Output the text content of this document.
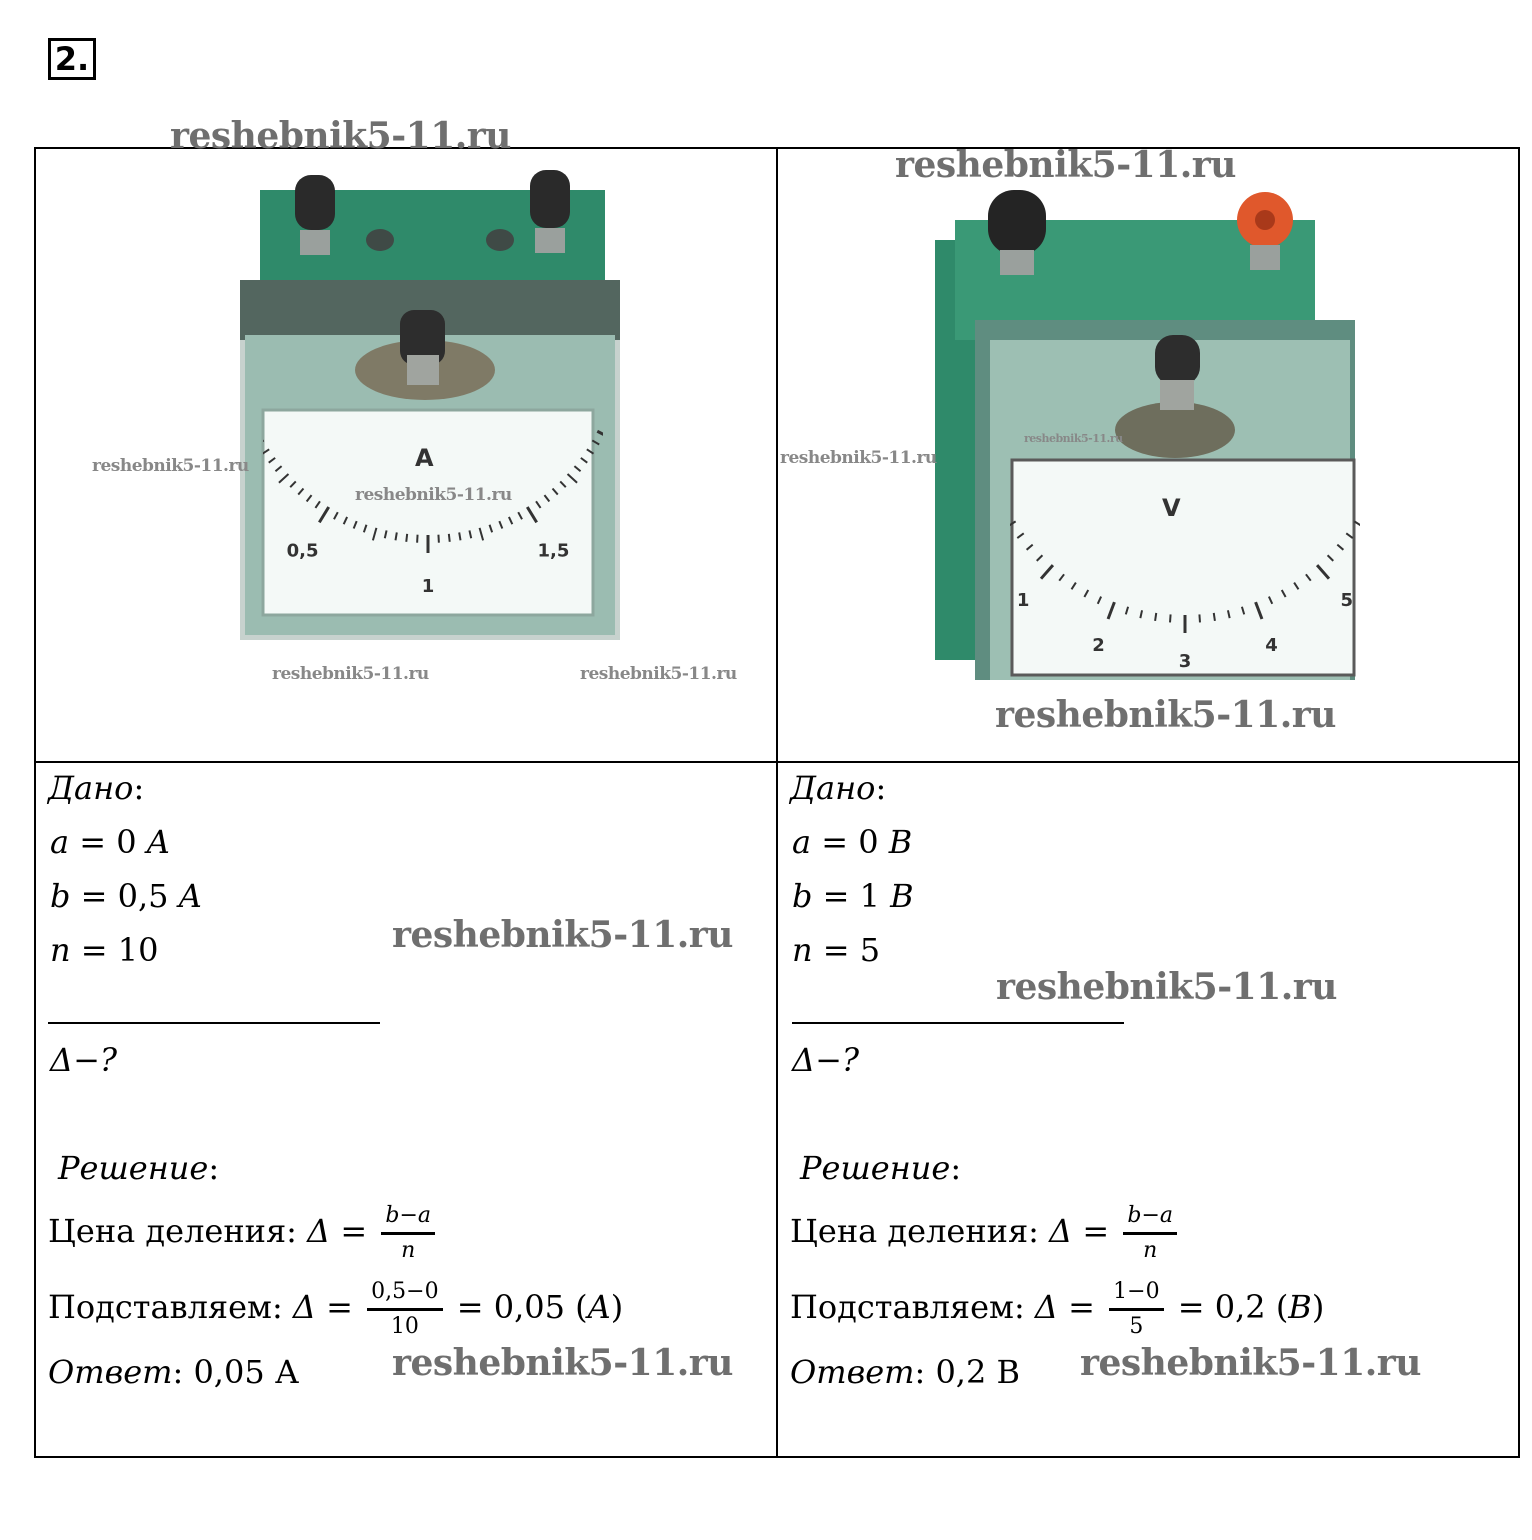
2.
0,5
1
1,5
1
2
3
4
5
A
V
reshebnik5-11.ru
reshebnik5-11.ru
reshebnik5-11.ru
reshebnik5-11.ru
reshebnik5-11.ru
reshebnik5-11.ru
reshebnik5-11.ru	reshebnik5-11.ru
reshebnik5-11.ru
reshebnik5-11.ru
reshebnik5-11.ru
reshebnik5-11.ru	reshebnik5-11.ru
Дано:
a = 0 A
b = 0,5 A
n = 10
Δ−?
Решение:
Цена деления: $\Delta = \frac{b-a}{n}$
Подставляем: $\Delta = \frac{0,5-0}{10} = 0,05$ (A)
Ответ: 0,05 А
Дано:
a = 0 B
b = 1 B
n = 5
Δ−?
Решение:
Цена деления: $\Delta = \frac{b-a}{n}$
Подставляем: $\Delta = \frac{1-0}{5} = 0,2$ (B)
Ответ: 0,2 В
